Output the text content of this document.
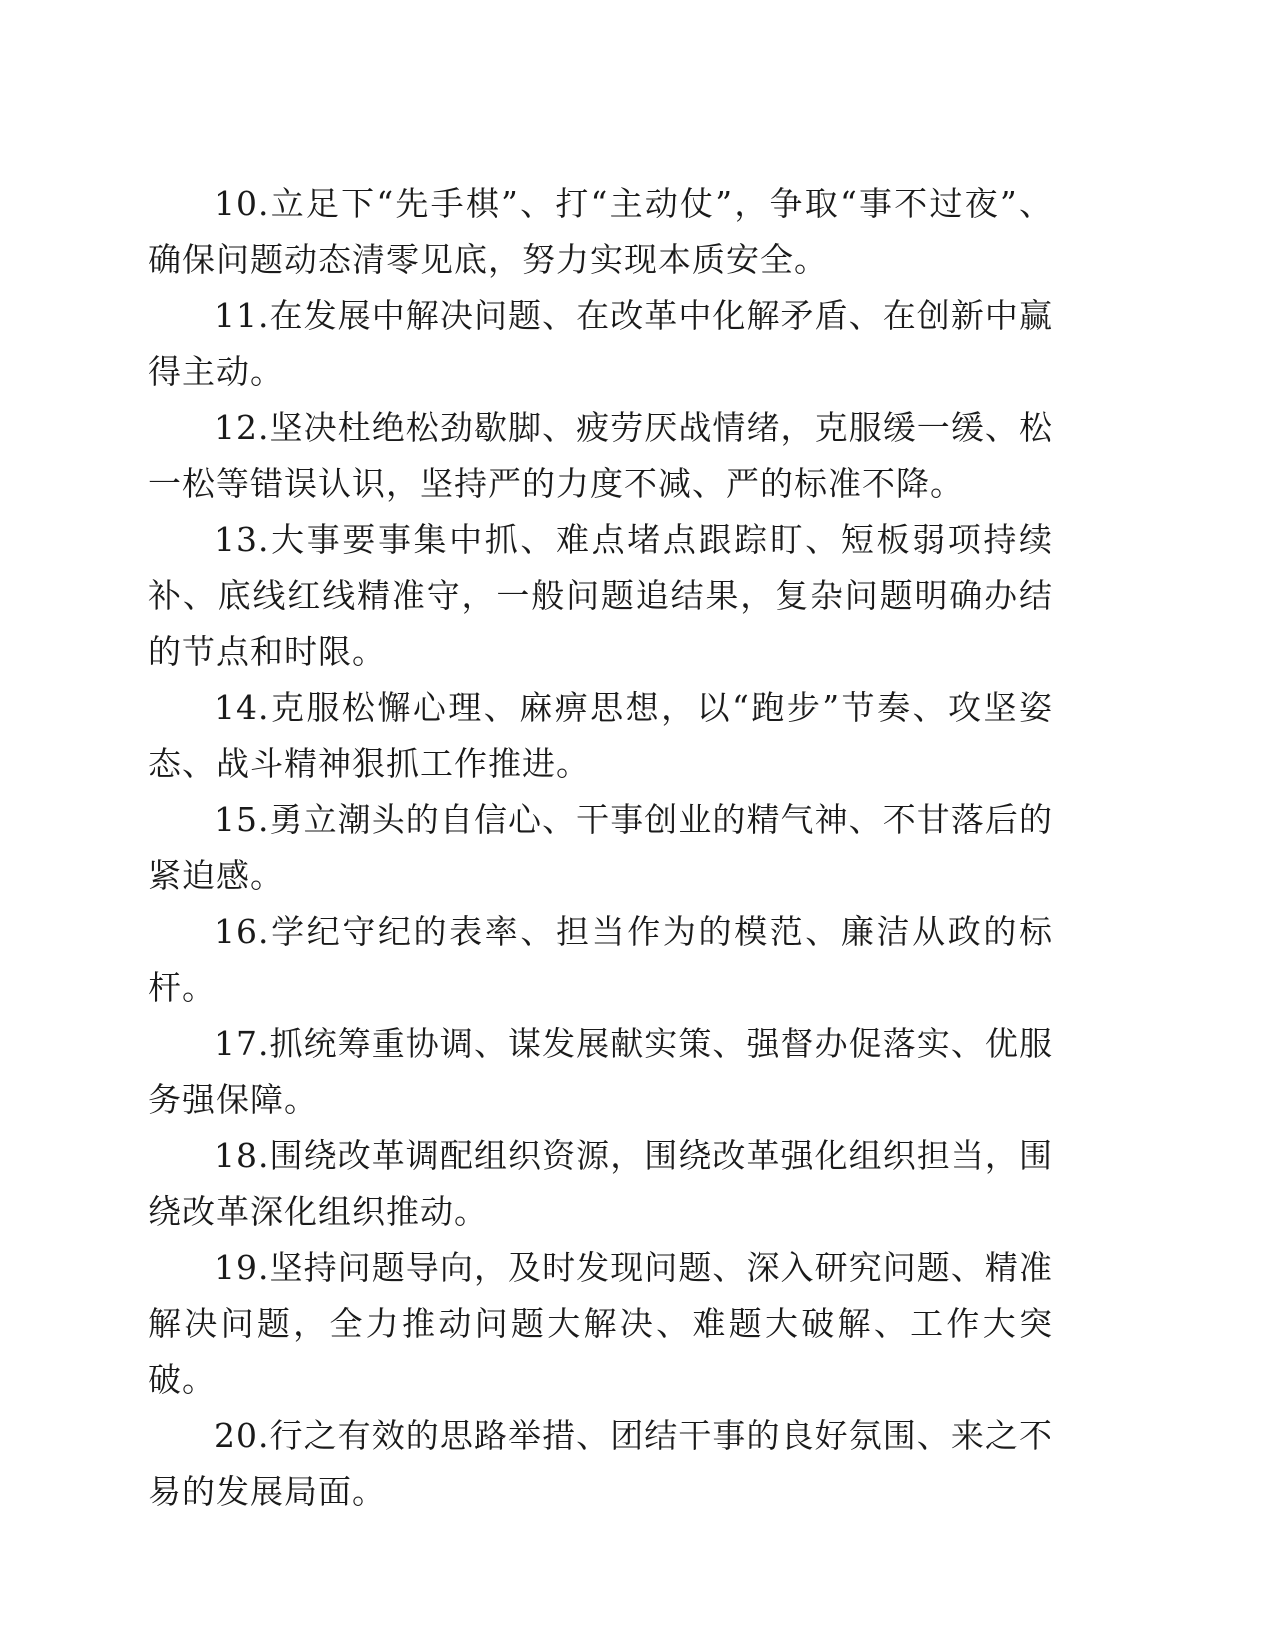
10.立足下“先手棋”、打“主动仗”，争取“事不过夜”、确保问题动态清零见底，努力实现本质安全。

11.在发展中解决问题、在改革中化解矛盾、在创新中赢得主动。

12.坚决杜绝松劲歇脚、疲劳厌战情绪，克服缓一缓、松一松等错误认识，坚持严的力度不减、严的标准不降。

13.大事要事集中抓、难点堵点跟踪盯、短板弱项持续补、底线红线精准守，一般问题追结果，复杂问题明确办结的节点和时限。

14.克服松懈心理、麻痹思想，以“跑步”节奏、攻坚姿态、战斗精神狠抓工作推进。

15.勇立潮头的自信心、干事创业的精气神、不甘落后的紧迫感。

16.学纪守纪的表率、担当作为的模范、廉洁从政的标杆。

17.抓统筹重协调、谋发展献实策、强督办促落实、优服务强保障。

18.围绕改革调配组织资源，围绕改革强化组织担当，围绕改革深化组织推动。

19.坚持问题导向，及时发现问题、深入研究问题、精准解决问题，全力推动问题大解决、难题大破解、工作大突破。

20.行之有效的思路举措、团结干事的良好氛围、来之不易的发展局面。
